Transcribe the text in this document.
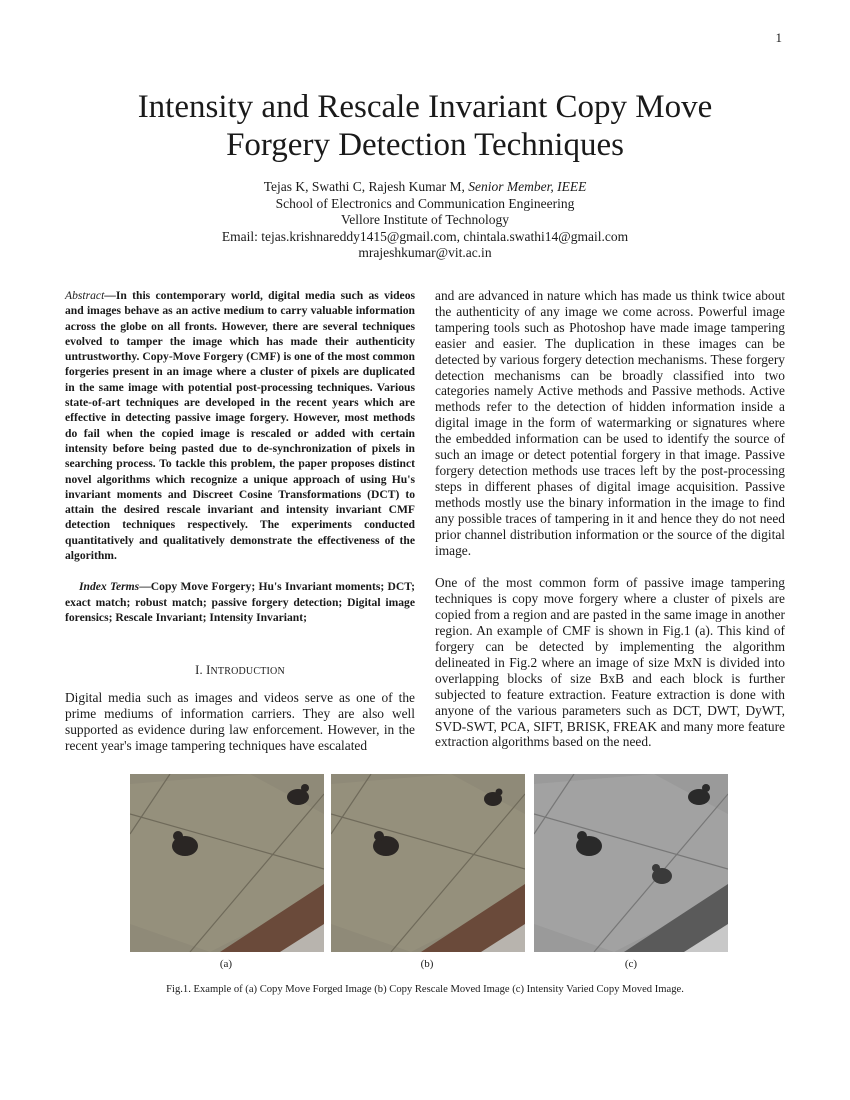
1
Intensity and Rescale Invariant Copy Move
Forgery Detection Techniques
Tejas K, Swathi C, Rajesh Kumar M, Senior Member, IEEE
School of Electronics and Communication Engineering
Vellore Institute of Technology
Email: tejas.krishnareddy1415@gmail.com, chintala.swathi14@gmail.com
mrajeshkumar@vit.ac.in

Abstract—In this contemporary world, digital media such as videos and images behave as an active medium to carry valuable information across the globe on all fronts. However, there are several techniques evolved to tamper the image which has made their authenticity untrustworthy. Copy-Move Forgery (CMF) is one of the most common forgeries present in an image where a cluster of pixels are duplicated in the same image with potential post-processing techniques. Various state-of-art techniques are developed in the recent years which are effective in detecting passive image forgery. However, most methods do fail when the copied image is rescaled or added with certain intensity before being pasted due to de-synchronization of pixels in searching process. To tackle this problem, the paper proposes distinct novel algorithms which recognize a unique approach of using Hu's invariant moments and Discreet Cosine Transformations (DCT) to attain the desired rescale invariant and intensity invariant CMF detection techniques respectively. The experiments conducted quantitatively and qualitatively demonstrate the effectiveness of the algorithm.

Index Terms—Copy Move Forgery; Hu's Invariant moments; DCT; exact match; robust match; passive forgery detection; Digital image forensics; Rescale Invariant; Intensity Invariant;

I. INTRODUCTION

Digital media such as images and videos serve as one of the prime mediums of information carriers. They are also well supported as evidence during law enforcement. However, in the recent year's image tampering techniques have escalated

and are advanced in nature which has made us think twice about the authenticity of any image we come across. Powerful image tampering tools such as Photoshop have made image tampering easier and easier. The duplication in these images can be detected by various forgery detection mechanisms. These forgery detection mechanisms can be broadly classified into two categories namely Active methods and Passive methods. Active methods refer to the detection of hidden information inside a digital image in the form of watermarking or signatures where the embedded information can be used to identify the source of such an image or detect potential forgery in that image. Passive forgery detection methods use traces left by the post-processing steps in different phases of digital image acquisition. Passive methods mostly use the binary information in the image to find any possible traces of tampering in it and hence they do not need prior channel distribution information or the source of the digital image.

One of the most common form of passive image tampering techniques is copy move forgery where a cluster of pixels are copied from a region and are pasted in the same image in another region. An example of CMF is shown in Fig.1 (a). This kind of forgery can be detected by implementing the algorithm delineated in Fig.2 where an image of size MxN is divided into overlapping blocks of size BxB and each block is further subjected to feature extraction. Feature extraction is done with anyone of the various parameters such as DCT, DWT, DyWT, SVD-SWT, PCA, SIFT, BRISK, FREAK and many more feature extraction algorithms based on the need.

(a)	(b)	(c)
Fig.1. Example of (a) Copy Move Forged Image (b) Copy Rescale Moved Image (c) Intensity Varied Copy Moved Image.
